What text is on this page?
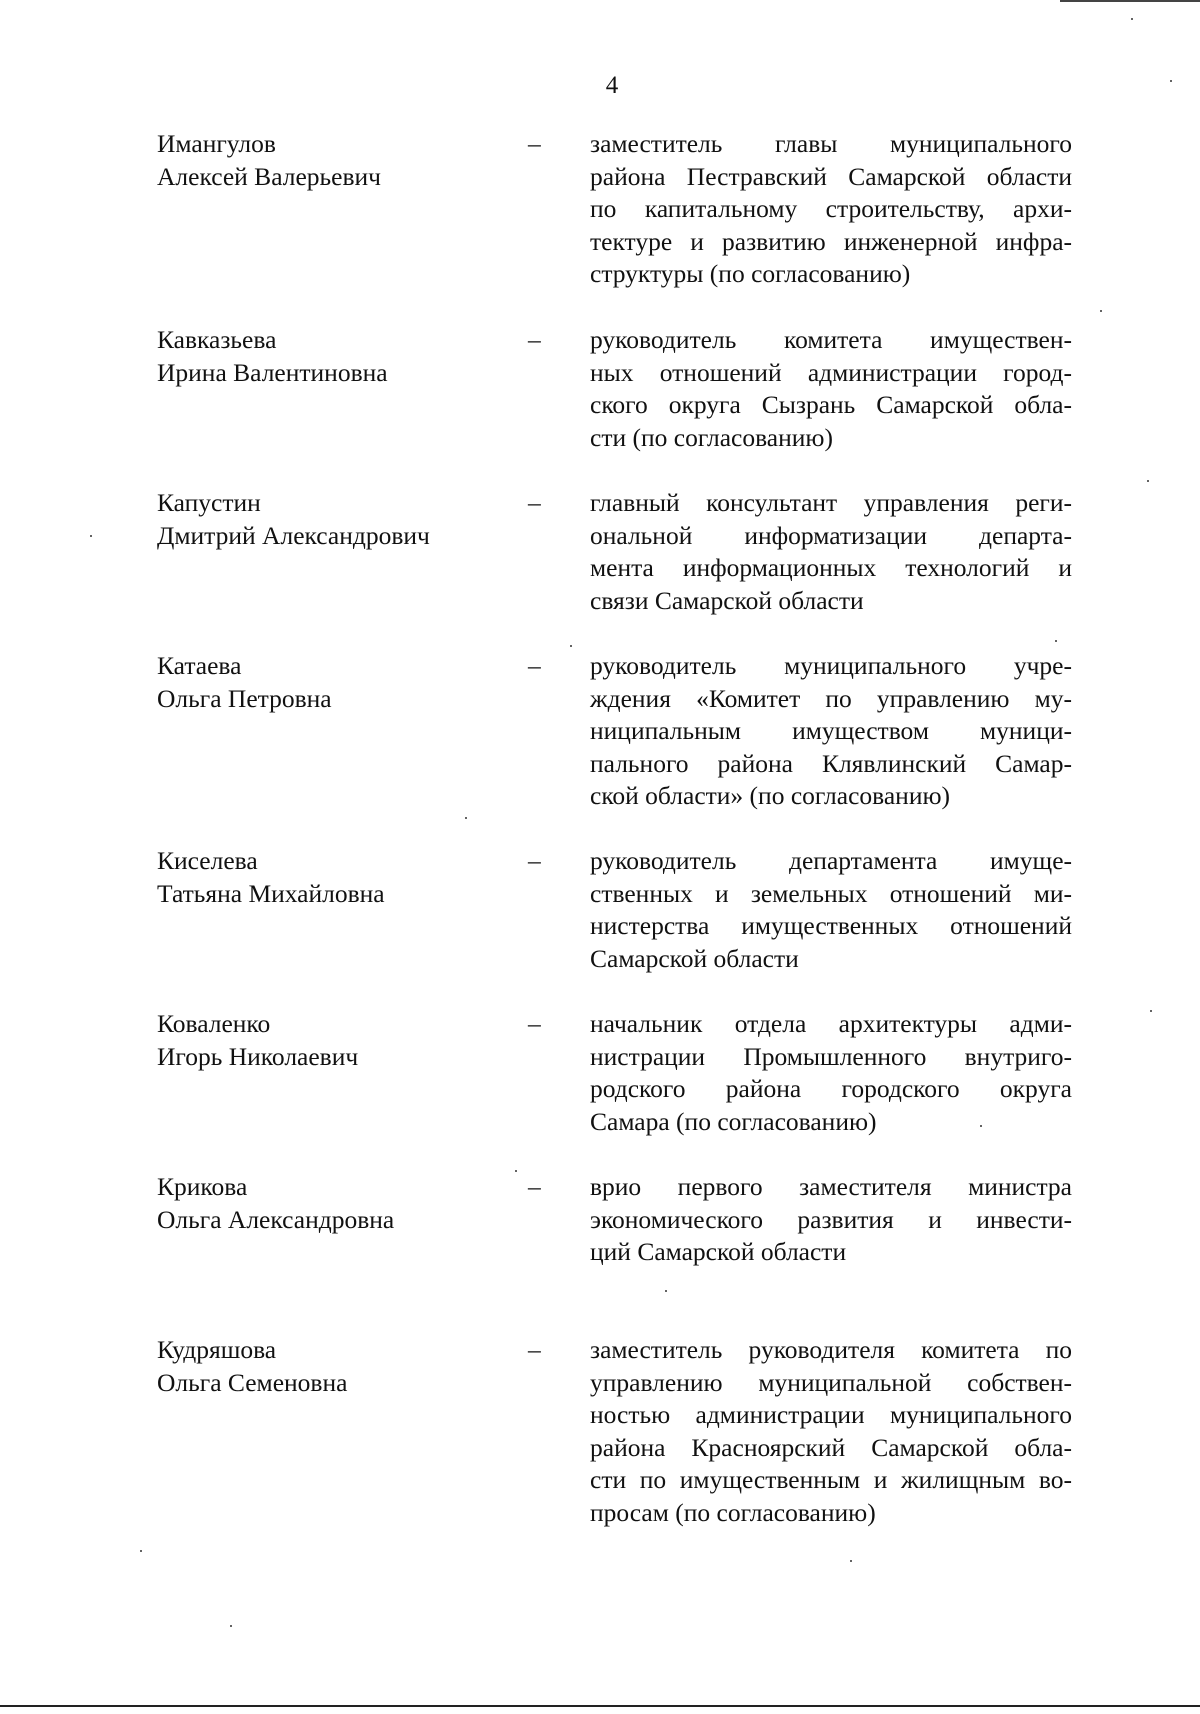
4
Имангулов
Алексей Валерьевич
– заместитель главы муниципального
района Пестравский Самарской области
по капитальному строительству, архи-
тектуре и развитию инженерной инфра-
структуры (по согласованию)
Кавказьева
Ирина Валентиновна
– руководитель комитета имуществен-
ных отношений администрации город-
ского округа Сызрань Самарской обла-
сти (по согласованию)
Капустин
Дмитрий Александрович
– главный консультант управления реги-
ональной информатизации департа-
мента информационных технологий и
связи Самарской области
Катаева
Ольга Петровна
– руководитель муниципального учре-
ждения «Комитет по управлению му-
ниципальным имуществом муници-
пального района Клявлинский Самар-
ской области» (по согласованию)
Киселева
Татьяна Михайловна
– руководитель департамента имуще-
ственных и земельных отношений ми-
нистерства имущественных отношений
Самарской области
Коваленко
Игорь Николаевич
– начальник отдела архитектуры адми-
нистрации Промышленного внутриго-
родского района городского округа
Самара (по согласованию)
Крикова
Ольга Александровна
– врио первого заместителя министра
экономического развития и инвести-
ций Самарской области
Кудряшова
Ольга Семеновна
– заместитель руководителя комитета по
управлению муниципальной собствен-
ностью администрации муниципального
района Красноярский Самарской обла-
сти по имущественным и жилищным во-
просам (по согласованию)
